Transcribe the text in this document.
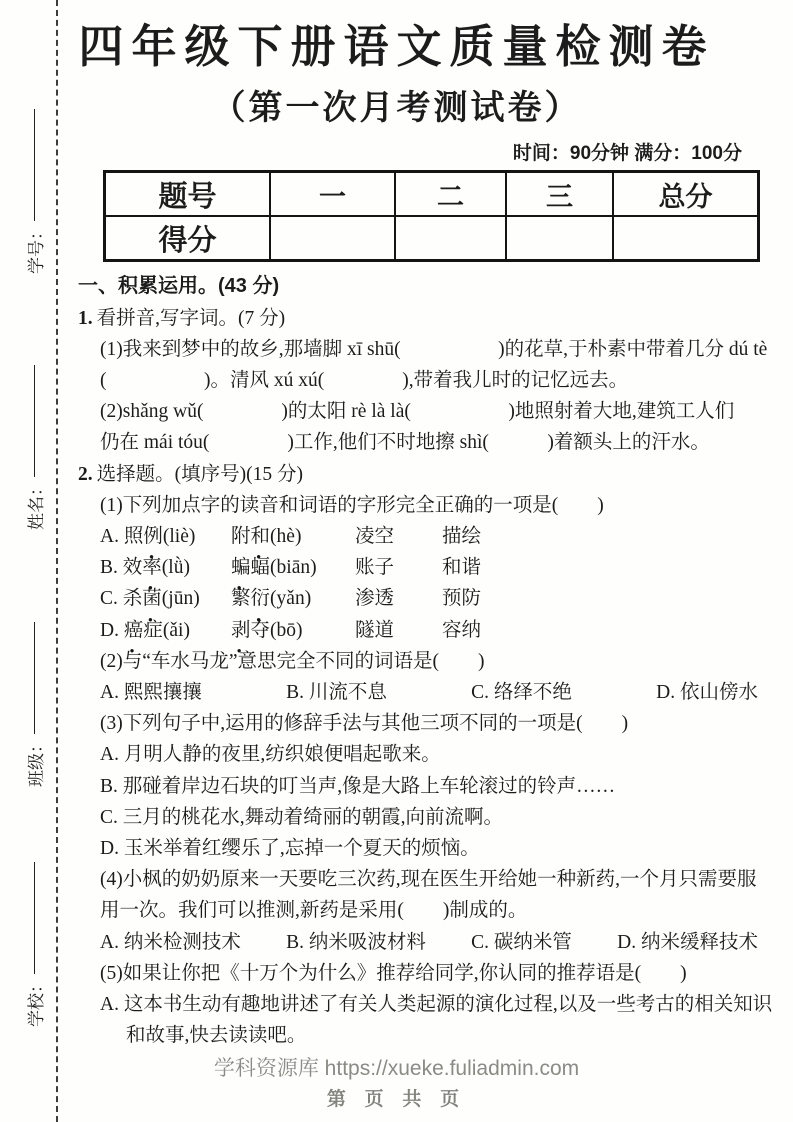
学号：
姓名：
班级：
学校：
四年级下册语文质量检测卷
（第一次月考测试卷）
时间：90分钟 满分：100分
题号	一	二	三	总分
得分				
一、积累运用。(43 分)
1. 看拼音,写字词。(7 分)
(1)我来到梦中的故乡,那墙脚 xī shū(　　　　　)的花草,于朴素中带着几分 dú tè
(　　　　　)。清风 xú xú(　　　　),带着我儿时的记忆远去。
(2)shǎng wǔ(　　　　)的太阳 rè là là(　　　　　)地照射着大地,建筑工人们
仍在 mái tóu(　　　　)工作,他们不时地擦 shì(　　　)着额头上的汗水。
2. 选择题。(填序号)(15 分)
(1)下列加点字的读音和词语的字形完全正确的一项是(　　)
A. 照例 ●(liè)	附和 ●(hè)	凌空	描绘
B. 效率 ●(lǜ)	蝙 ●蝠(biān)	账子	和谐
C. 杀菌 ●(jūn)	繁衍 ●(yǎn)	渗透	预防
D. 癌 ●症(ǎi)	剥 ●夺(bō)	隧道	容纳
(2)与“车水马龙”意思完全不同的词语是(　　)
A. 熙熙攘攘	B. 川流不息	C. 络绎不绝	D. 依山傍水
(3)下列句子中,运用的修辞手法与其他三项不同的一项是(　　)
A. 月明人静的夜里,纺织娘便唱起歌来。
B. 那碰着岸边石块的叮当声,像是大路上车轮滚过的铃声……
C. 三月的桃花水,舞动着绮丽的朝霞,向前流啊。
D. 玉米举着红缨乐了,忘掉一个夏天的烦恼。
(4)小枫的奶奶原来一天要吃三次药,现在医生开给她一种新药,一个月只需要服
用一次。我们可以推测,新药是采用(　　)制成的。
A. 纳米检测技术 B. 纳米吸波材料 C. 碳纳米管 D. 纳米缓释技术
(5)如果让你把《十万个为什么》推荐给同学,你认同的推荐语是(　　)
A. 这本书生动有趣地讲述了有关人类起源的演化过程,以及一些考古的相关知识
和故事,快去读读吧。
学科资源库 https://xueke.fuliadmin.com
第 页 共 页
